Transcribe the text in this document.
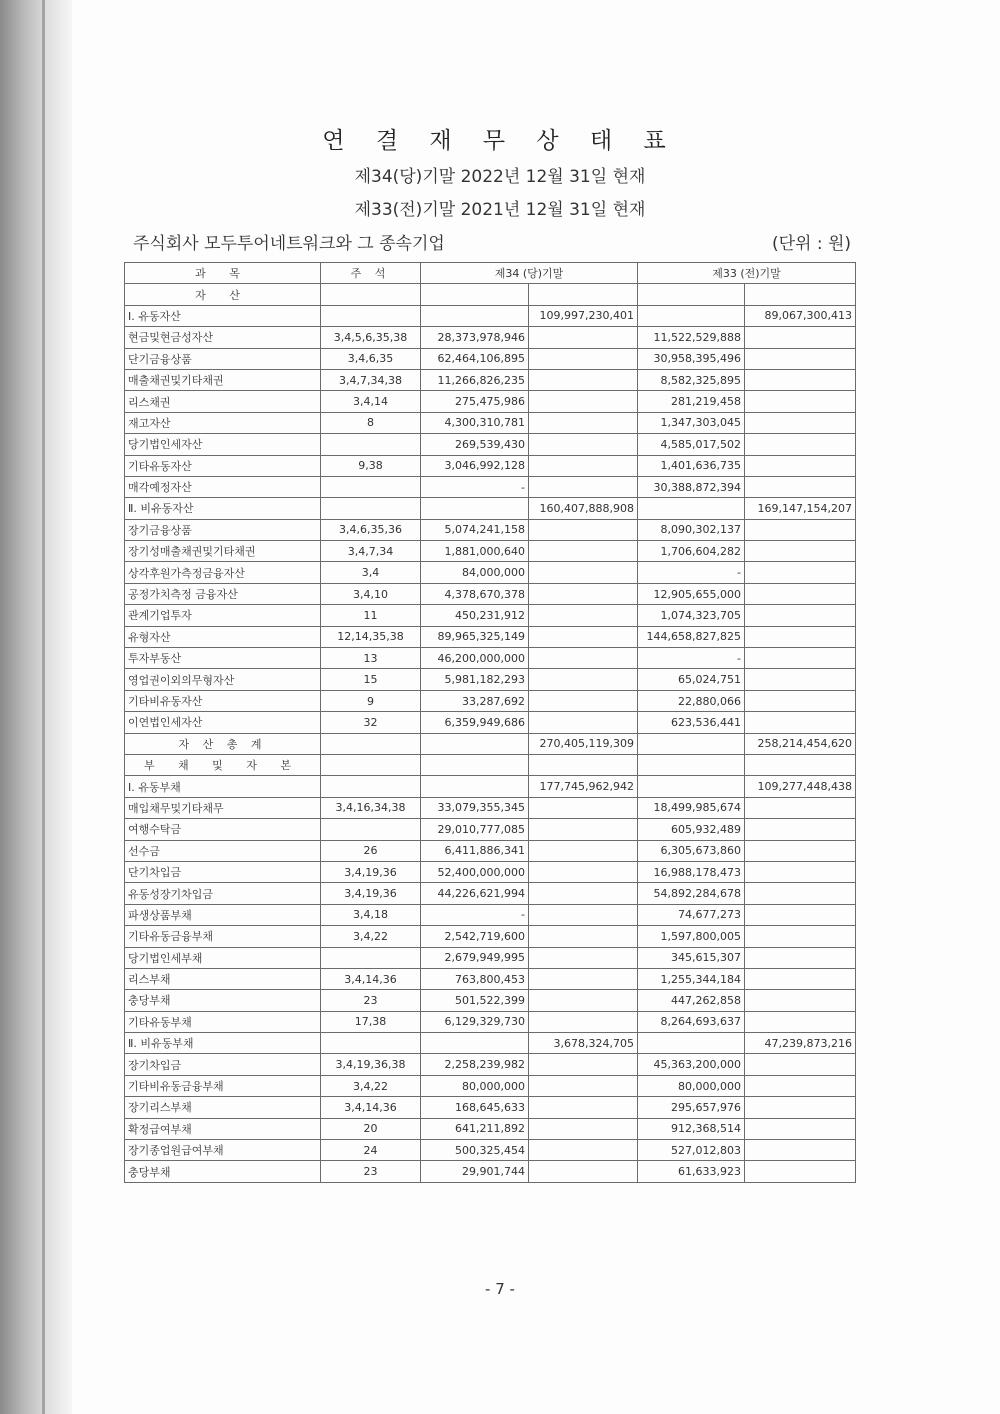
연 결 재 무 상 태 표
제34(당)기말 2022년 12월 31일 현재
제33(전)기말 2021년 12월 31일 현재
주식회사 모두투어네트워크와 그 종속기업	(단위 : 원)
과 목	주 석	제34 (당)기말		제33 (전)기말	
자 산					
Ⅰ. 유동자산			109,997,230,401		89,067,300,413
현금및현금성자산	3,4,5,6,35,38	28,373,978,946		11,522,529,888	
단기금융상품	3,4,6,35	62,464,106,895		30,958,395,496	
매출채권및기타채권	3,4,7,34,38	11,266,826,235		8,582,325,895	
리스채권	3,4,14	275,475,986		281,219,458	
재고자산	8	4,300,310,781		1,347,303,045	
당기법인세자산		269,539,430		4,585,017,502	
기타유동자산	9,38	3,046,992,128		1,401,636,735	
매각예정자산		-		30,388,872,394	
Ⅱ. 비유동자산			160,407,888,908		169,147,154,207
장기금융상품	3,4,6,35,36	5,074,241,158		8,090,302,137	
장기성매출채권및기타채권	3,4,7,34	1,881,000,640		1,706,604,282	
상각후원가측정금융자산	3,4	84,000,000		-	
공정가치측정 금융자산	3,4,10	4,378,670,378		12,905,655,000	
관계기업투자	11	450,231,912		1,074,323,705	
유형자산	12,14,35,38	89,965,325,149		144,658,827,825	
투자부동산	13	46,200,000,000		-	
영업권이외의무형자산	15	5,981,182,293		65,024,751	
기타비유동자산	9	33,287,692		22,880,066	
이연법인세자산	32	6,359,949,686		623,536,441	
자 산 총 계			270,405,119,309		258,214,454,620
부 채 및 자 본					
Ⅰ. 유동부채			177,745,962,942		109,277,448,438
매입채무및기타채무	3,4,16,34,38	33,079,355,345		18,499,985,674	
여행수탁금		29,010,777,085		605,932,489	
선수금	26	6,411,886,341		6,305,673,860	
단기차입금	3,4,19,36	52,400,000,000		16,988,178,473	
유동성장기차입금	3,4,19,36	44,226,621,994		54,892,284,678	
파생상품부채	3,4,18	-		74,677,273	
기타유동금융부채	3,4,22	2,542,719,600		1,597,800,005	
당기법인세부채		2,679,949,995		345,615,307	
리스부채	3,4,14,36	763,800,453		1,255,344,184	
충당부채	23	501,522,399		447,262,858	
기타유동부채	17,38	6,129,329,730		8,264,693,637	
Ⅱ. 비유동부채			3,678,324,705		47,239,873,216
장기차입금	3,4,19,36,38	2,258,239,982		45,363,200,000	
기타비유동금융부채	3,4,22	80,000,000		80,000,000	
장기리스부채	3,4,14,36	168,645,633		295,657,976	
확정급여부채	20	641,211,892		912,368,514	
장기종업원급여부채	24	500,325,454		527,012,803	
충당부채	23	29,901,744		61,633,923	
- 7 -
